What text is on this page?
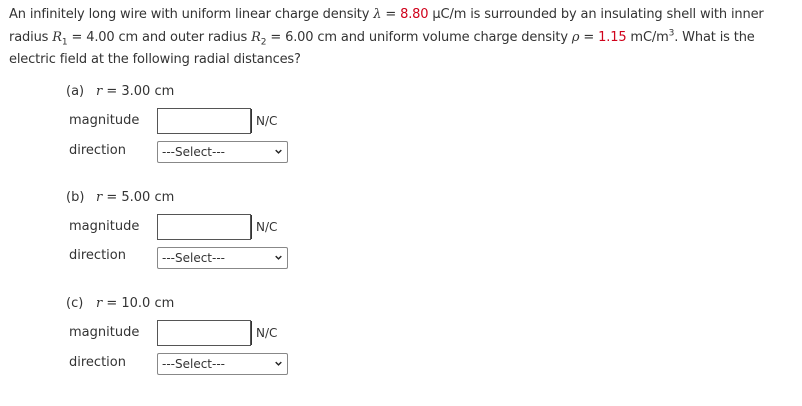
An infinitely long wire with uniform linear charge density λ = 8.80 μC/m is surrounded by an insulating shell with inner radius $R_1 = 4.00$ cm and outer radius $R_2 = 6.00$ cm and uniform volume charge density ρ = 1.15 $mC/m^3$. What is the electric field at the following radial distances?
(a) r = 3.00 cm
magnitude	N/C
direction	---Select---
(b) r = 5.00 cm
magnitude	N/C
direction	---Select---
(c) r = 10.0 cm
magnitude	N/C
direction	---Select---
